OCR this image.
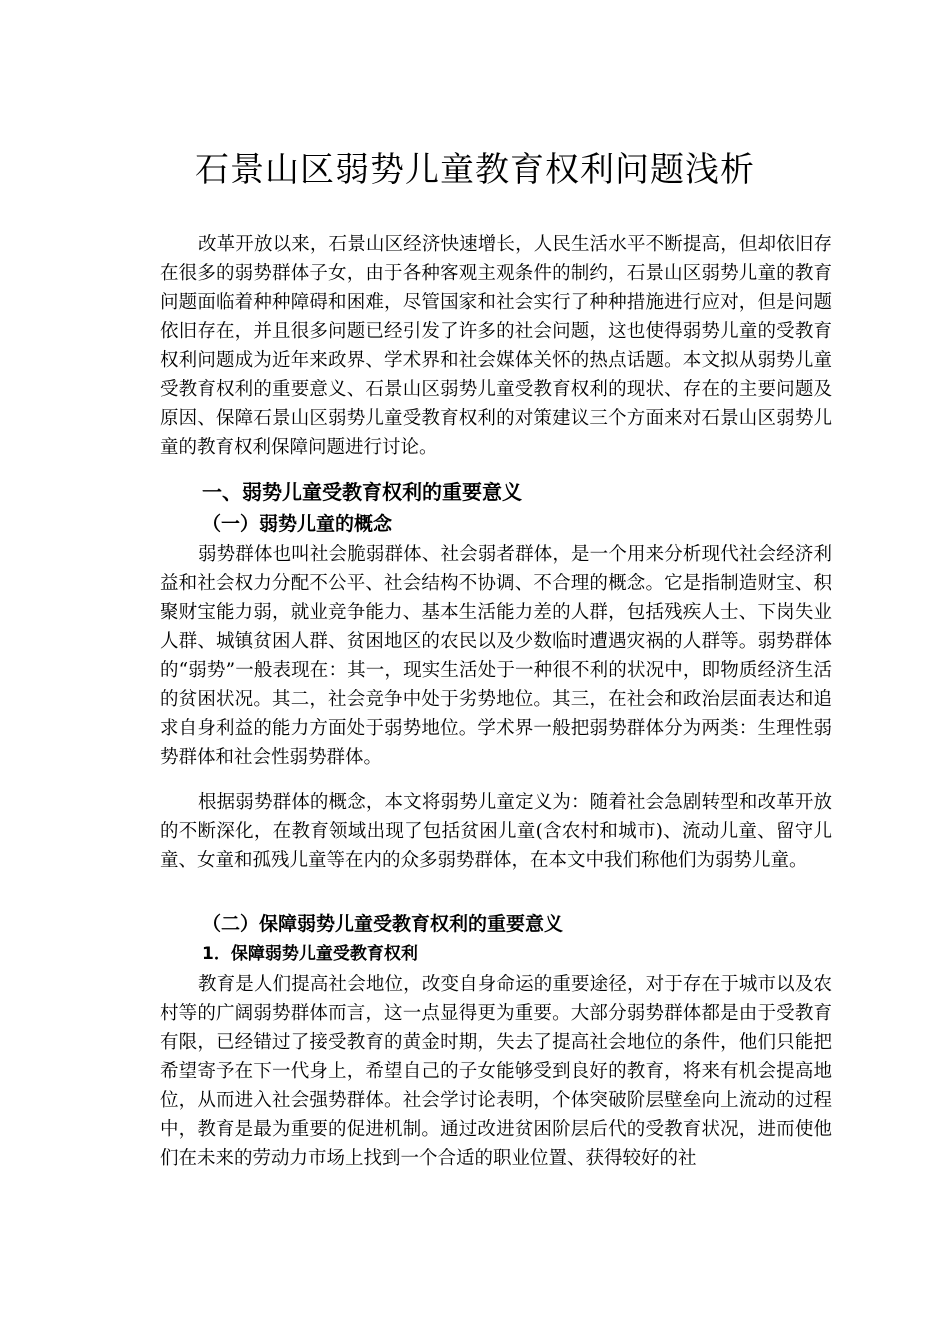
石景山区弱势儿童教育权利问题浅析

改革开放以来，石景山区经济快速增长，人民生活水平不断提高，但却依旧存在很多的弱势群体子女，由于各种客观主观条件的制约，石景山区弱势儿童的教育问题面临着种种障碍和困难，尽管国家和社会实行了种种措施进行应对，但是问题依旧存在，并且很多问题已经引发了许多的社会问题，这也使得弱势儿童的受教育权利问题成为近年来政界、学术界和社会媒体关怀的热点话题。本文拟从弱势儿童受教育权利的重要意义、石景山区弱势儿童受教育权利的现状、存在的主要问题及原因、保障石景山区弱势儿童受教育权利的对策建议三个方面来对石景山区弱势儿童的教育权利保障问题进行讨论。

一、弱势儿童受教育权利的重要意义
（一）弱势儿童的概念

弱势群体也叫社会脆弱群体、社会弱者群体，是一个用来分析现代社会经济利益和社会权力分配不公平、社会结构不协调、不合理的概念。它是指制造财宝、积聚财宝能力弱，就业竞争能力、基本生活能力差的人群，包括残疾人士、下岗失业人群、城镇贫困人群、贫困地区的农民以及少数临时遭遇灾祸的人群等。弱势群体的“弱势”一般表现在：其一，现实生活处于一种很不利的状况中，即物质经济生活的贫困状况。其二，社会竞争中处于劣势地位。其三，在社会和政治层面表达和追求自身利益的能力方面处于弱势地位。学术界一般把弱势群体分为两类：生理性弱势群体和社会性弱势群体。

根据弱势群体的概念，本文将弱势儿童定义为：随着社会急剧转型和改革开放的不断深化，在教育领域出现了包括贫困儿童(含农村和城市)、流动儿童、留守儿童、女童和孤残儿童等在内的众多弱势群体，在本文中我们称他们为弱势儿童。

（二）保障弱势儿童受教育权利的重要意义
1．保障弱势儿童受教育权利

教育是人们提高社会地位，改变自身命运的重要途径，对于存在于城市以及农村等的广阔弱势群体而言，这一点显得更为重要。大部分弱势群体都是由于受教育有限，已经错过了接受教育的黄金时期，失去了提高社会地位的条件，他们只能把希望寄予在下一代身上，希望自己的子女能够受到良好的教育，将来有机会提高地位，从而进入社会强势群体。社会学讨论表明，个体突破阶层壁垒向上流动的过程中，教育是最为重要的促进机制。通过改进贫困阶层后代的受教育状况，进而使他们在未来的劳动力市场上找到一个合适的职业位置、获得较好的社
